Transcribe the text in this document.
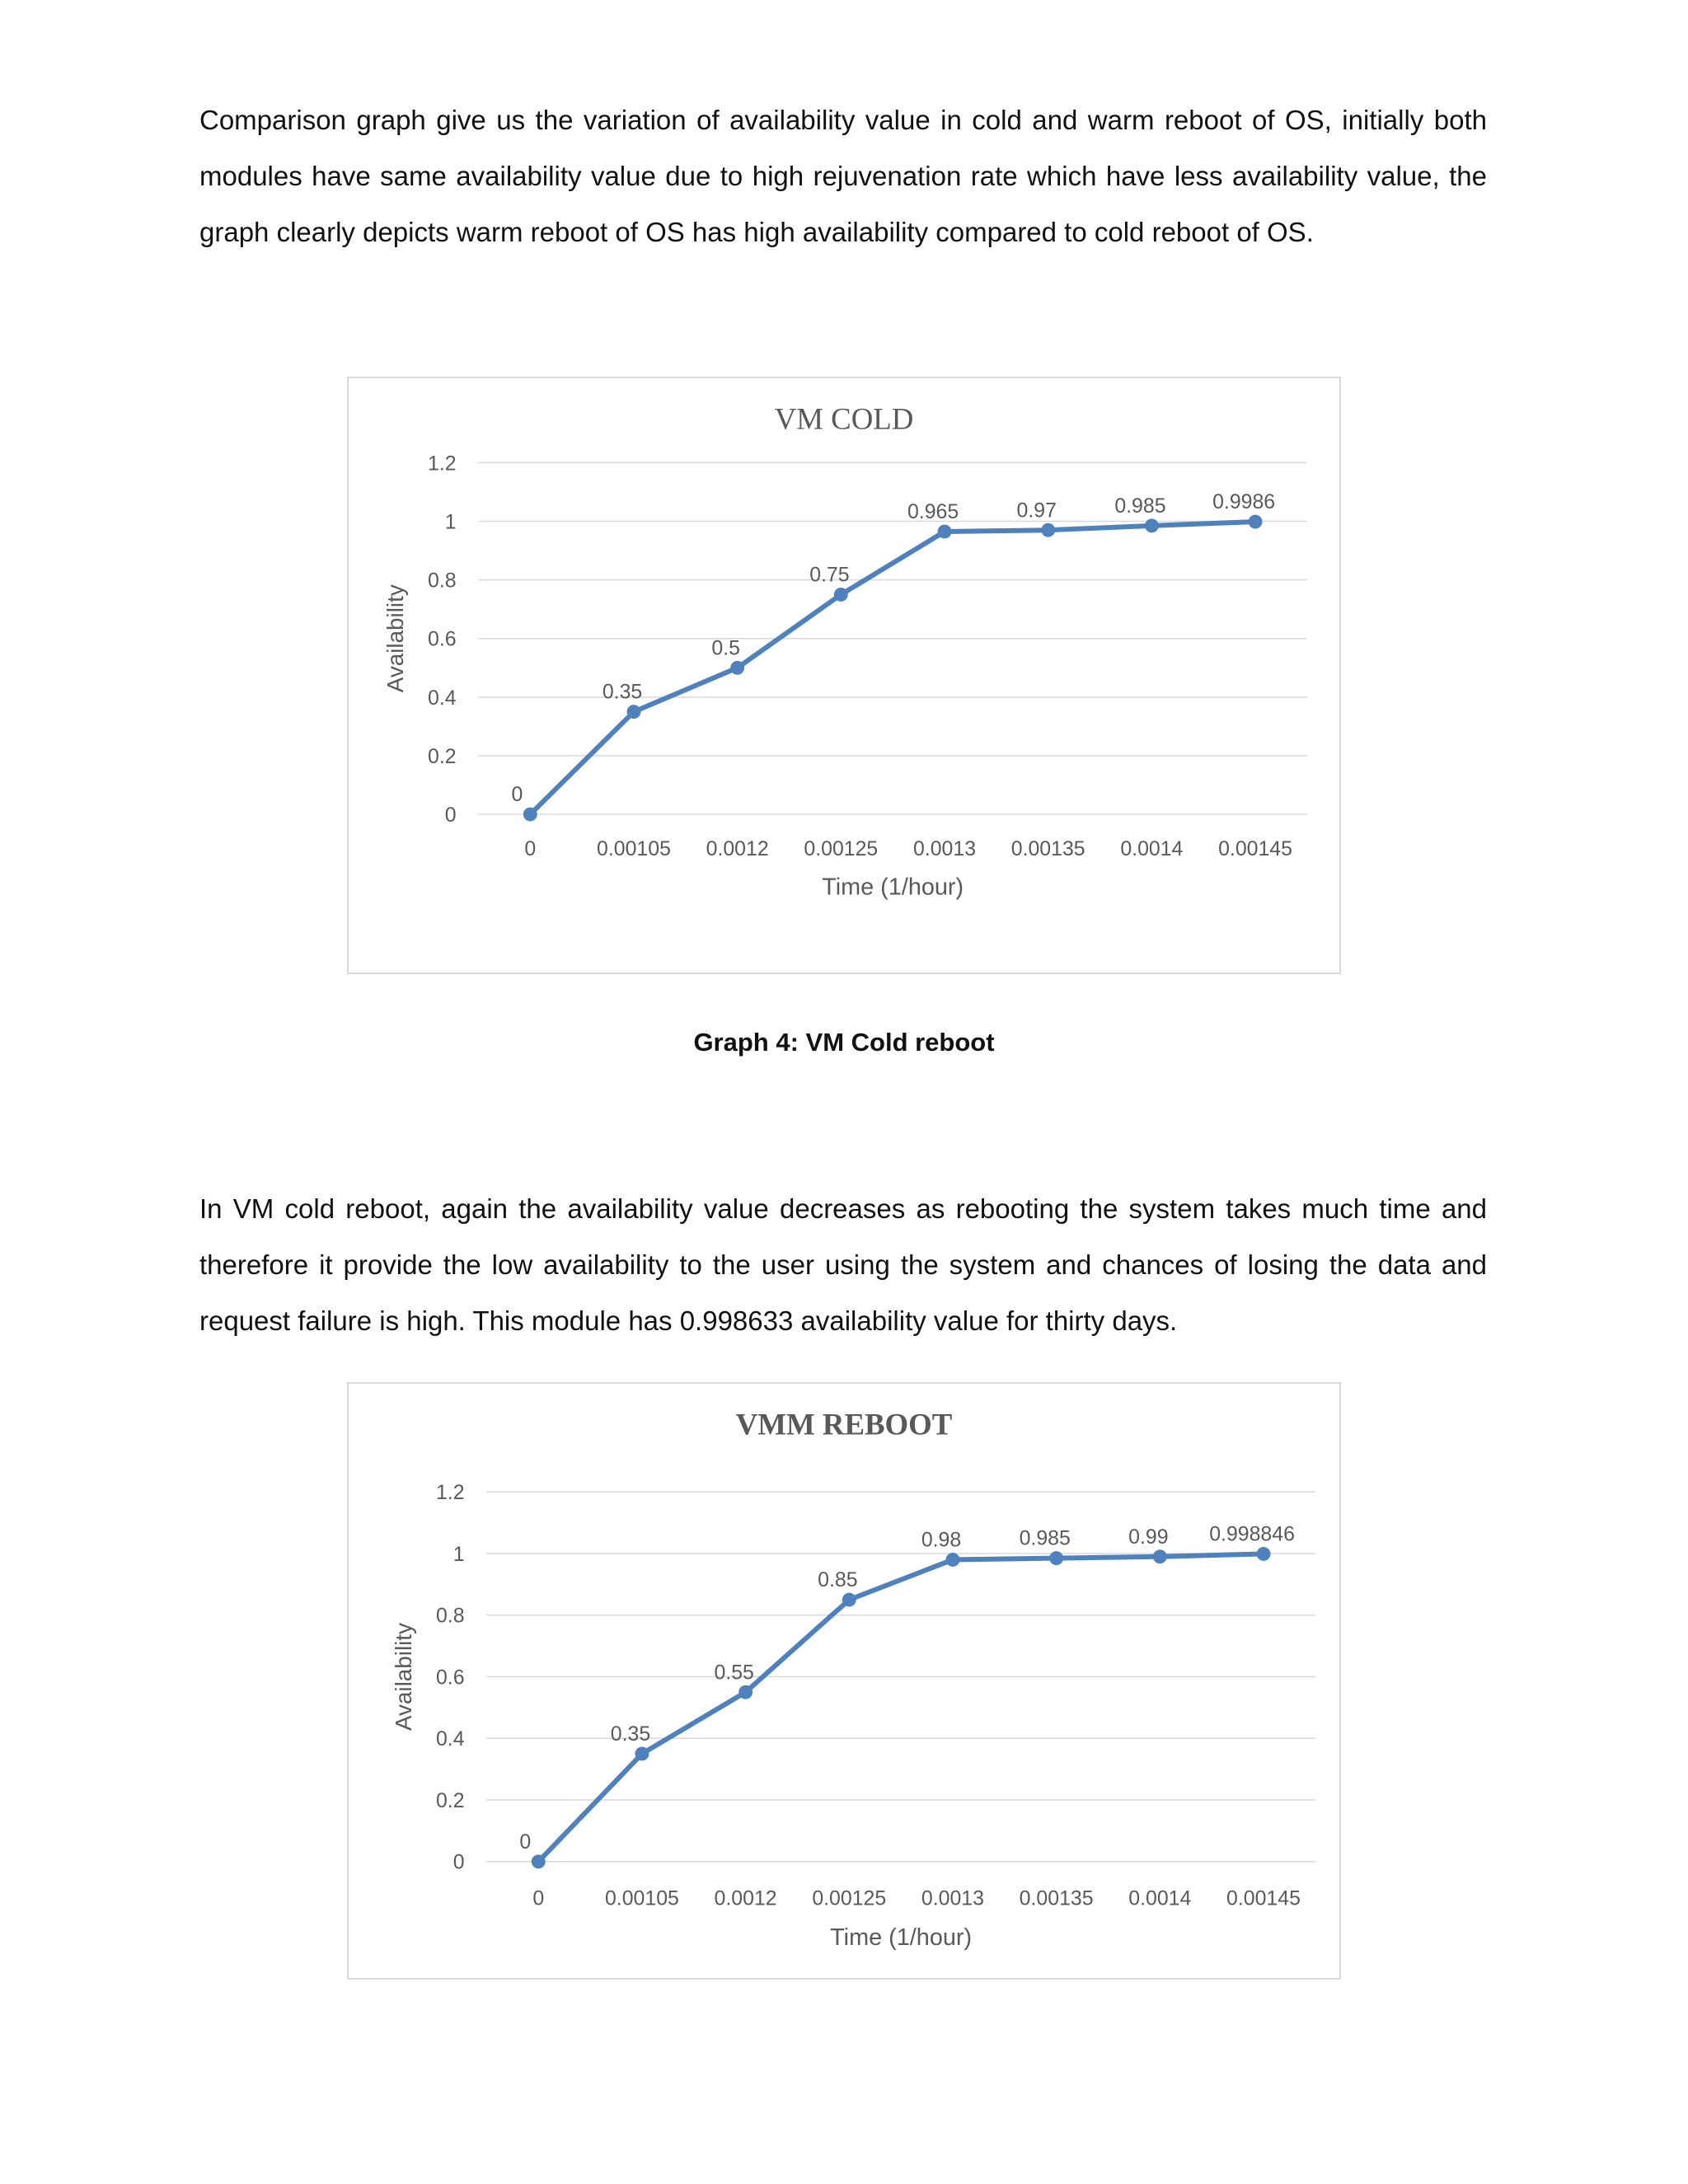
Comparison graph give us the variation of availability value in cold and warm reboot of OS, initially both modules have same availability value due to high rejuvenation rate which have less availability value, the graph clearly depicts warm reboot of OS has high availability compared to cold reboot of OS.

VM COLD
0
0.2
0.4
0.6
0.8
1
1.2
Availability
0	0.00105 0.0012 0.00125 0.0013 0.00135 0.0014 0.00145
Time (1/hour)
0
0.35
0.5
0.75
0.965	0.97	0.985 0.9986
Graph 4: VM Cold reboot

In VM cold reboot, again the availability value decreases as rebooting the system takes much time and therefore it provide the low availability to the user using the system and chances of losing the data and request failure is high. This module has 0.998633 availability value for thirty days.

VMM REBOOT
0
0.2
0.4
0.6
0.8
1
1.2
Availability
0	0.00105 0.0012 0.00125 0.0013 0.00135 0.0014 0.00145
Time (1/hour)
0
0.35
0.55
0.85
0.98	0.985	0.99 0.998846
